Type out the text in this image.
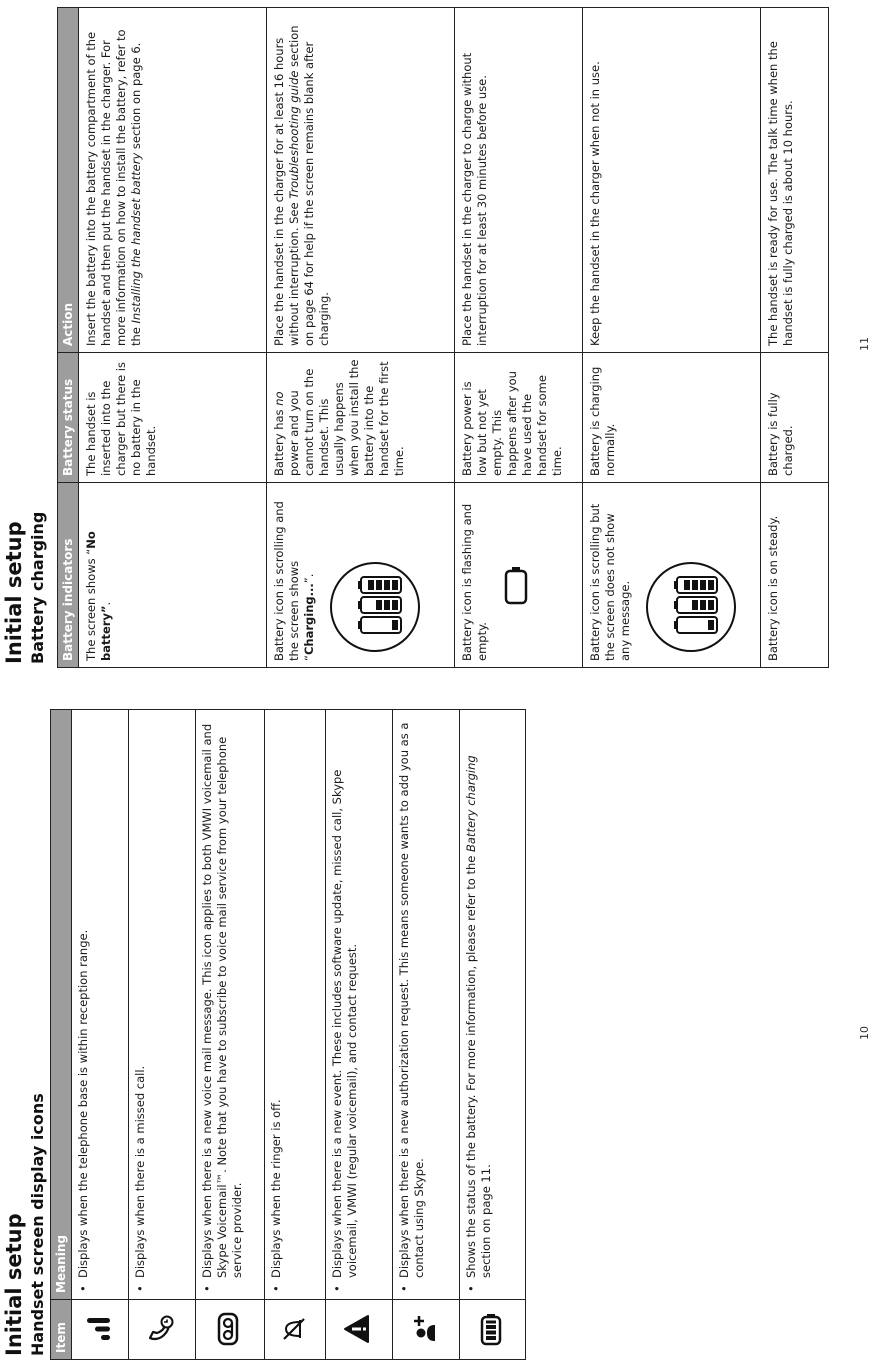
Initial setup Handset screen display icons Item	Meaning

•
Displays when the telephone base is within reception range.

•
Displays when there is a missed call.

•
Displays when there is a new voice mail message. This icon applies to both VMWI voicemail and Skype Voicemail™. Note that you have to subscribe to voice mail service from your telephone service provider.

•
Displays when the ringer is off.

•
Displays when there is a new event. These includes software update, missed call, Skype voicemail, VMWI (regular voicemail), and contact request.

•
Displays when there is a new authorization request. This means someone wants to add you as a contact using Skype.

•
Shows the status of the battery. For more information, please refer to the Battery charging section on page 11.
10
Initial setup Battery charging Battery indicators	Battery status	Action
The screen shows “No battery”.	The handset is inserted into the charger but there is no battery in the handset.	Insert the battery into the battery compartment of the handset and then put the handset in the charger. For more information on how to install the battery, refer to the Installing the handset battery section on page 6.
Battery icon is scrolling and the screen shows “Charging...”.	Battery has no power and you cannot turn on the handset. This usually happens when you install the battery into the handset for the first time.	Place the handset in the charger for at least 16 hours without interruption. See Troubleshooting guide section on page 64 for help if the screen remains blank after charging.
Battery icon is flashing and empty.	Battery power is low but not yet empty. This happens after you have used the handset for some time.	Place the handset in the charger to charge without interruption for at least 30 minutes before use.
Battery icon is scrolling but the screen does not show any message.	Battery is charging normally.	Keep the handset in the charger when not in use.
Battery icon is on steady.	Battery is fully charged.	The handset is ready for use. The talk time when the handset is fully charged is about 10 hours.	11
